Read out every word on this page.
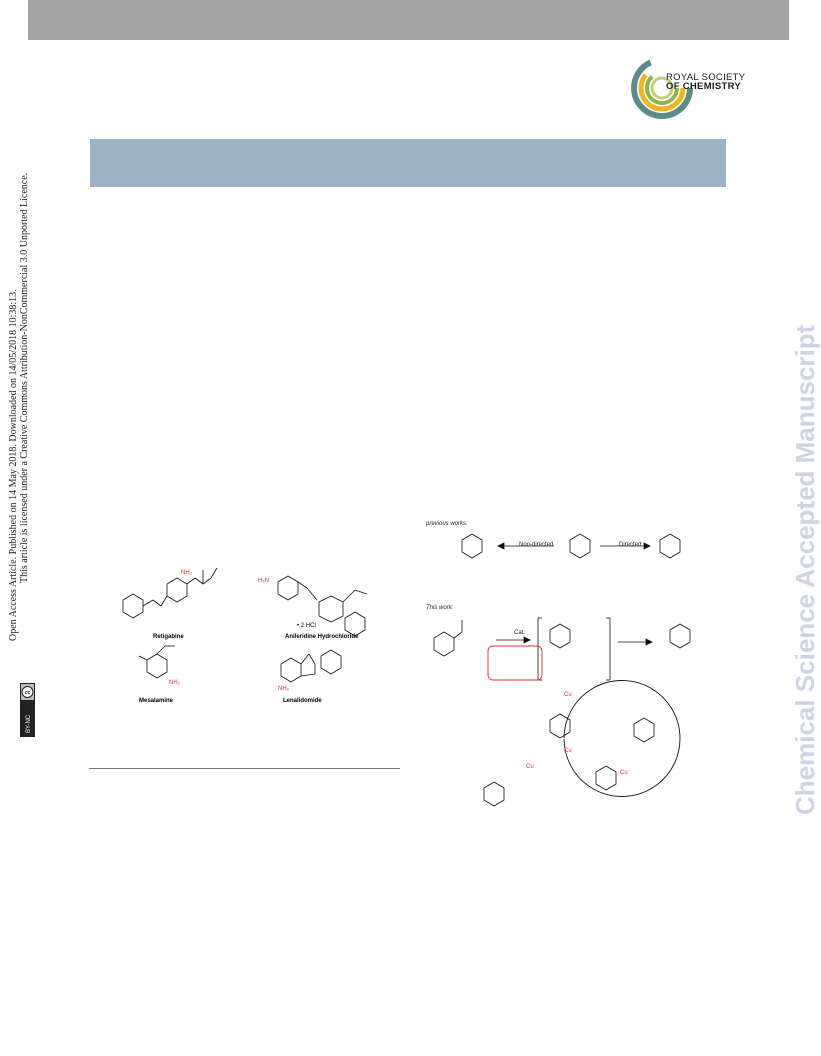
ROYAL SOCIETY
OF CHEMISTRY
Open Access Article. Published on 14 May 2018. Downloaded on 14/05/2018 10:38:13. This article is licensed under a Creative Commons Attribution-NonCommercial 3.0 Unported Licence.
cc
BY-NC	Chemical Science Accepted Manuscript
NH₂
H₂N
NH₂
NH₂
Retigabine	Anileridine Hydrochloride
• 2 HCl
Mesalamine	Lenalidomide
previous works:
This work:
Non-directed	Directed
Cat.
Cu
Cu
Cu
Cu
